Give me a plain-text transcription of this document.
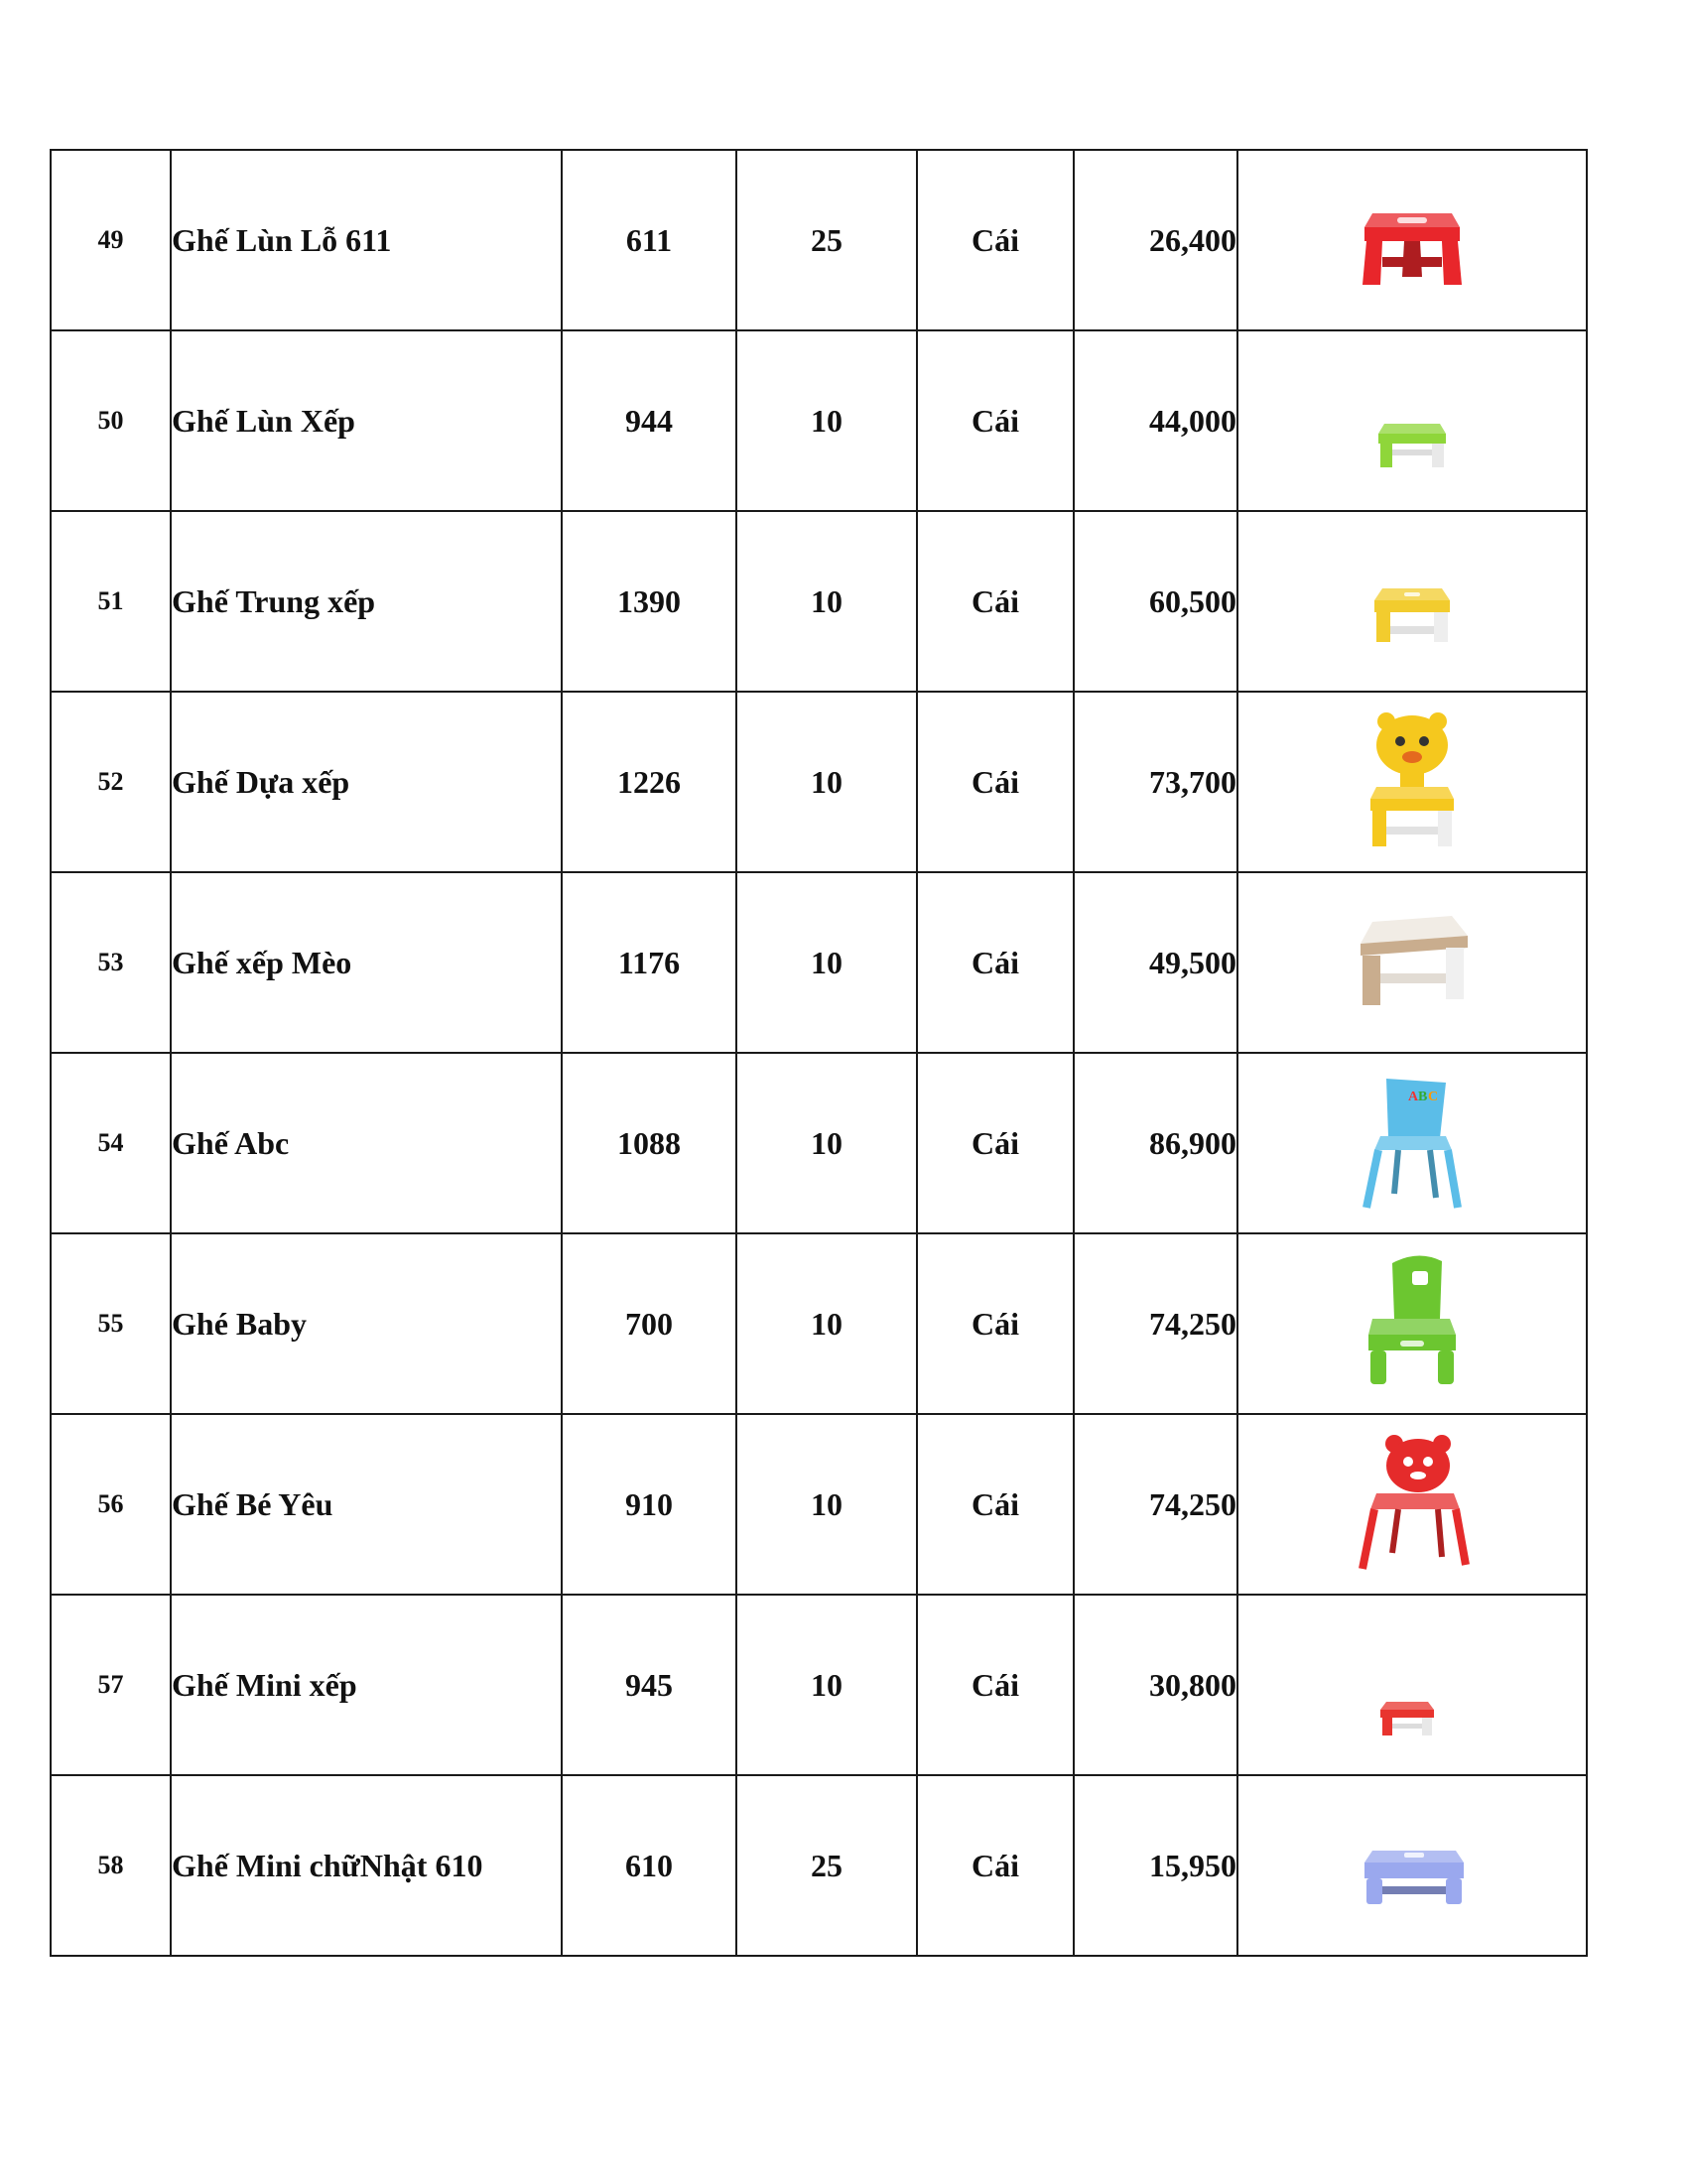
49	Ghế Lùn Lỗ 611	611	25	Cái	26,400	

50	Ghế Lùn Xếp	944	10	Cái	44,000	

51	Ghế Trung xếp	1390	10	Cái	60,500	

52	Ghế Dựa xếp	1226	10	Cái	73,700	

53	Ghế xếp Mèo	1176	10	Cái	49,500	

54	Ghế Abc	1088	10	Cái	86,900	A B C

55	Ghé Baby	700	10	Cái	74,250	

56	Ghế Bé Yêu	910	10	Cái	74,250	

57	Ghế Mini xếp	945	10	Cái	30,800	

58	Ghế Mini chữNhật 610	610	25	Cái	15,950	
